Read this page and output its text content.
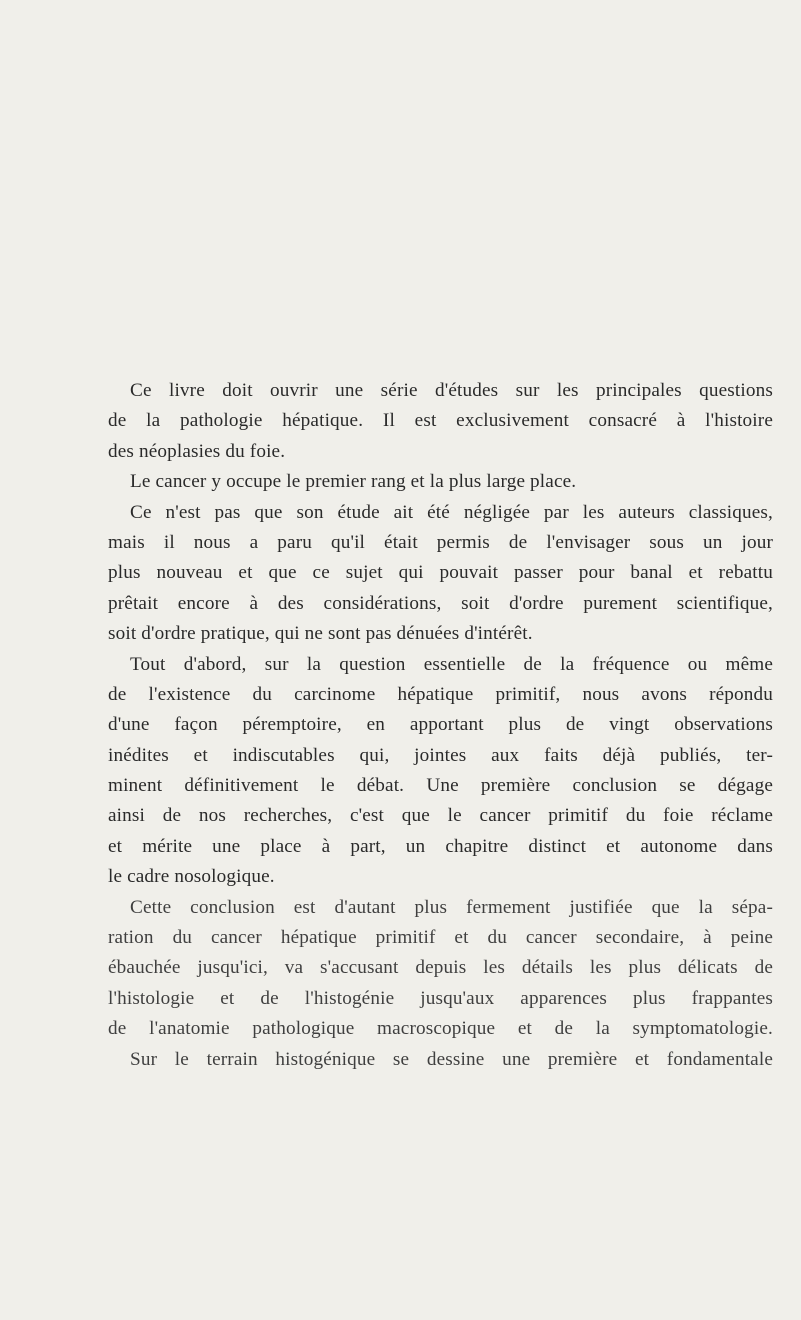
Ce livre doit ouvrir une série d'études sur les principales questions
de la pathologie hépatique. Il est exclusivement consacré à l'histoire
des néoplasies du foie.
Le cancer y occupe le premier rang et la plus large place.
Ce n'est pas que son étude ait été négligée par les auteurs classiques,
mais il nous a paru qu'il était permis de l'envisager sous un jour
plus nouveau et que ce sujet qui pouvait passer pour banal et rebattu
prêtait encore à des considérations, soit d'ordre purement scientifique,
soit d'ordre pratique, qui ne sont pas dénuées d'intérêt.
Tout d'abord, sur la question essentielle de la fréquence ou même
de l'existence du carcinome hépatique primitif, nous avons répondu
d'une façon péremptoire, en apportant plus de vingt observations
inédites et indiscutables qui, jointes aux faits déjà publiés, ter-
minent définitivement le débat. Une première conclusion se dégage
ainsi de nos recherches, c'est que le cancer primitif du foie réclame
et mérite une place à part, un chapitre distinct et autonome dans
le cadre nosologique.
Cette conclusion est d'autant plus fermement justifiée que la sépa-
ration du cancer hépatique primitif et du cancer secondaire, à peine
ébauchée jusqu'ici, va s'accusant depuis les détails les plus délicats de
l'histologie et de l'histogénie jusqu'aux apparences plus frappantes
de l'anatomie pathologique macroscopique et de la symptomatologie.
Sur le terrain histogénique se dessine une première et fondamentale
